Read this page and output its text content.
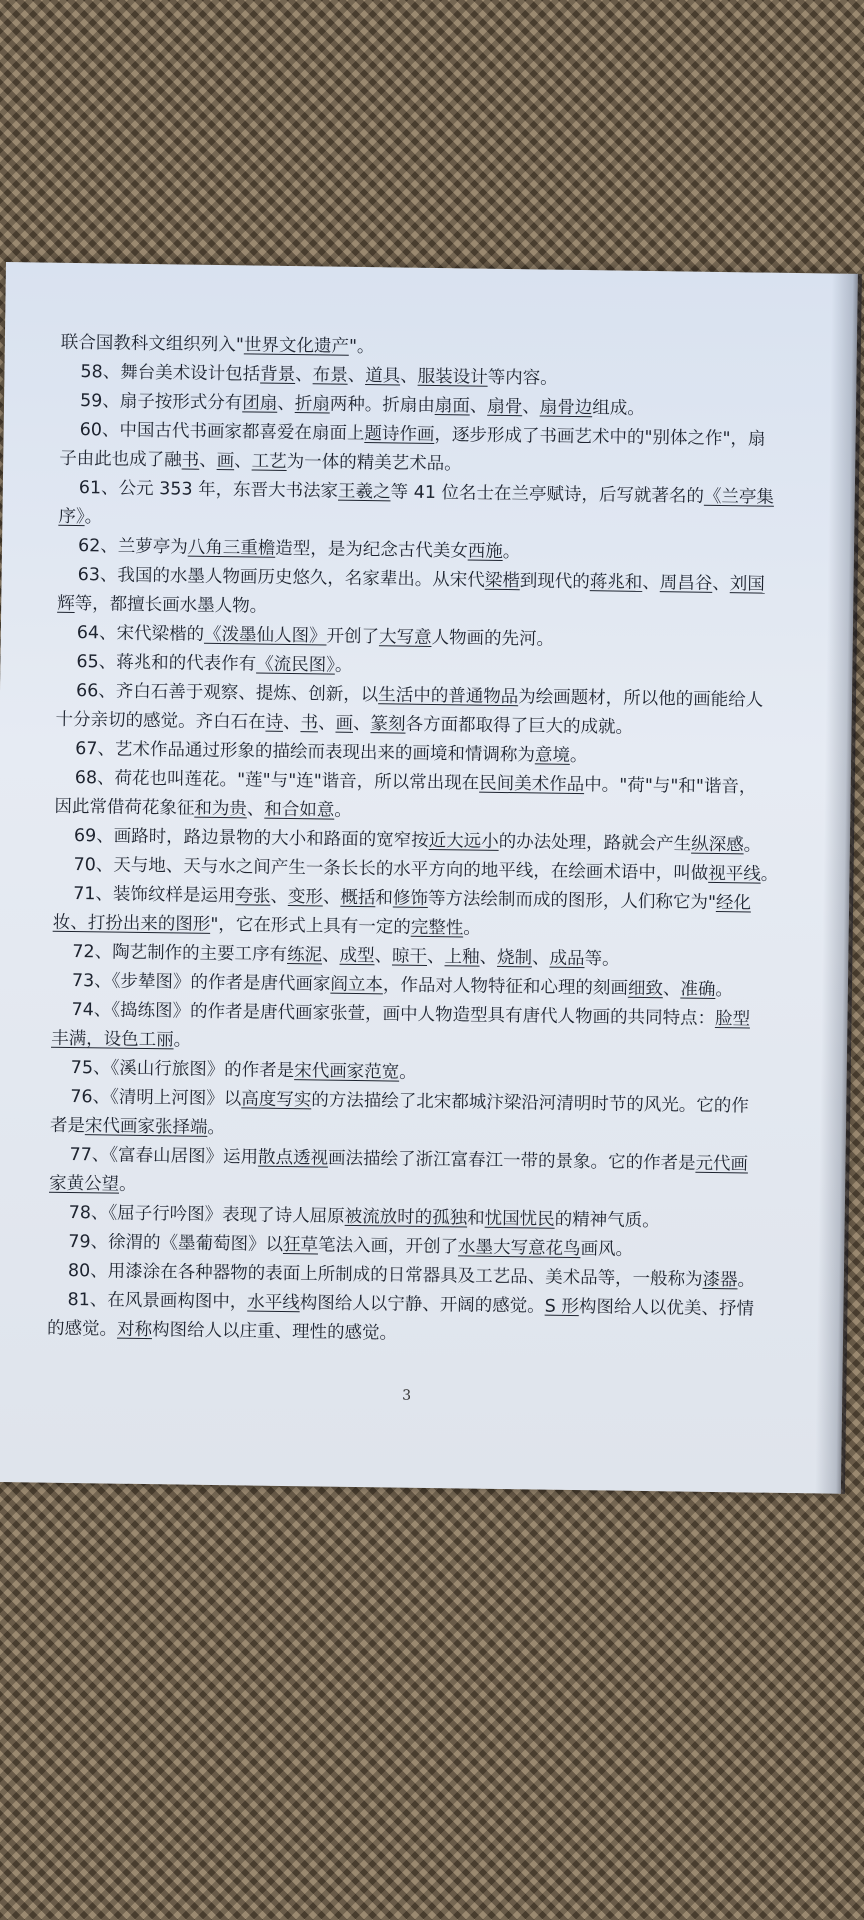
联合国教科文组织列入"世界文化遗产"。

58、舞台美术设计包括背景、布景、道具、服装设计等内容。

59、扇子按形式分有团扇、折扇两种。折扇由扇面、扇骨、扇骨边组成。

60、中国古代书画家都喜爱在扇面上题诗作画，逐步形成了书画艺术中的"别体之作"，扇

子由此也成了融书、画、工艺为一体的精美艺术品。

61、公元 353 年，东晋大书法家王羲之等 41 位名士在兰亭赋诗，后写就著名的《兰亭集

序》。

62、兰萝亭为八角三重檐造型，是为纪念古代美女西施。

63、我国的水墨人物画历史悠久，名家辈出。从宋代梁楷到现代的蒋兆和、周昌谷、刘国

辉等，都擅长画水墨人物。

64、宋代梁楷的《泼墨仙人图》开创了大写意人物画的先河。

65、蒋兆和的代表作有《流民图》。

66、齐白石善于观察、提炼、创新，以生活中的普通物品为绘画题材，所以他的画能给人

十分亲切的感觉。齐白石在诗、书、画、篆刻各方面都取得了巨大的成就。

67、艺术作品通过形象的描绘而表现出来的画境和情调称为意境。

68、荷花也叫莲花。"莲"与"连"谐音，所以常出现在民间美术作品中。"荷"与"和"谐音，

因此常借荷花象征和为贵、和合如意。

69、画路时，路边景物的大小和路面的宽窄按近大远小的办法处理，路就会产生纵深感。

70、天与地、天与水之间产生一条长长的水平方向的地平线，在绘画术语中，叫做视平线。

71、装饰纹样是运用夸张、变形、概括和修饰等方法绘制而成的图形，人们称它为"经化

妆、打扮出来的图形"，它在形式上具有一定的完整性。

72、陶艺制作的主要工序有练泥、成型、晾干、上釉、烧制、成品等。

73、《步辇图》的作者是唐代画家阎立本，作品对人物特征和心理的刻画细致、准确。

74、《捣练图》的作者是唐代画家张萱，画中人物造型具有唐代人物画的共同特点：脸型

丰满，设色工丽。

75、《溪山行旅图》的作者是宋代画家范宽。

76、《清明上河图》以高度写实的方法描绘了北宋都城汴梁沿河清明时节的风光。它的作

者是宋代画家张择端。

77、《富春山居图》运用散点透视画法描绘了浙江富春江一带的景象。它的作者是元代画

家黄公望。

78、《屈子行吟图》表现了诗人屈原被流放时的孤独和忧国忧民的精神气质。

79、徐渭的《墨葡萄图》以狂草笔法入画，开创了水墨大写意花鸟画风。

80、用漆涂在各种器物的表面上所制成的日常器具及工艺品、美术品等，一般称为漆器。

81、在风景画构图中，水平线构图给人以宁静、开阔的感觉。S 形构图给人以优美、抒情

的感觉。对称构图给人以庄重、理性的感觉。

3
